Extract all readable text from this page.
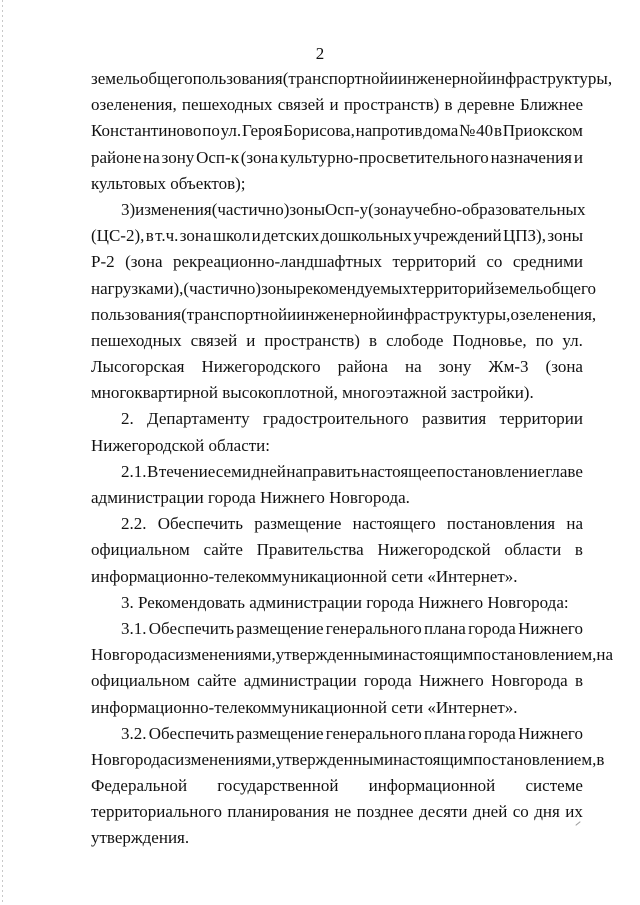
2
земель общего пользования (транспортной и инженерной инфраструктуры,
озеленения, пешеходных связей и пространств) в деревне Ближнее
Константиново по ул. Героя Борисова, напротив дома № 40 в Приокском
районе на зону Осп-к (зона культурно-просветительного назначения и
культовых объектов);
3) изменения (частично) зоны Осп-у (зона учебно-образовательных
(ЦС-2), в т.ч. зона школ и детских дошкольных учреждений ЦПЗ), зоны
Р-2 (зона рекреационно-ландшафтных территорий со средними
нагрузками), (частично) зоны рекомендуемых территорий земель общего
пользования (транспортной и инженерной инфраструктуры, озеленения,
пешеходных связей и пространств) в слободе Подновье, по ул.
Лысогорская Нижегородского района на зону Жм-3 (зона
многоквартирной высокоплотной, многоэтажной застройки).
2. Департаменту градостроительного развития территории
Нижегородской области:
2.1. В течение семи дней направить настоящее постановление главе
администрации города Нижнего Новгорода.
2.2. Обеспечить размещение настоящего постановления на
официальном сайте Правительства Нижегородской области в
информационно-телекоммуникационной сети «Интернет».
3. Рекомендовать администрации города Нижнего Новгорода:
3.1. Обеспечить размещение генерального плана города Нижнего
Новгорода с изменениями, утвержденными настоящим постановлением, на
официальном сайте администрации города Нижнего Новгорода в
информационно-телекоммуникационной сети «Интернет».
3.2. Обеспечить размещение генерального плана города Нижнего
Новгорода с изменениями, утвержденными настоящим постановлением, в
Федеральной государственной информационной системе
территориального планирования не позднее десяти дней со дня их
утверждения.
